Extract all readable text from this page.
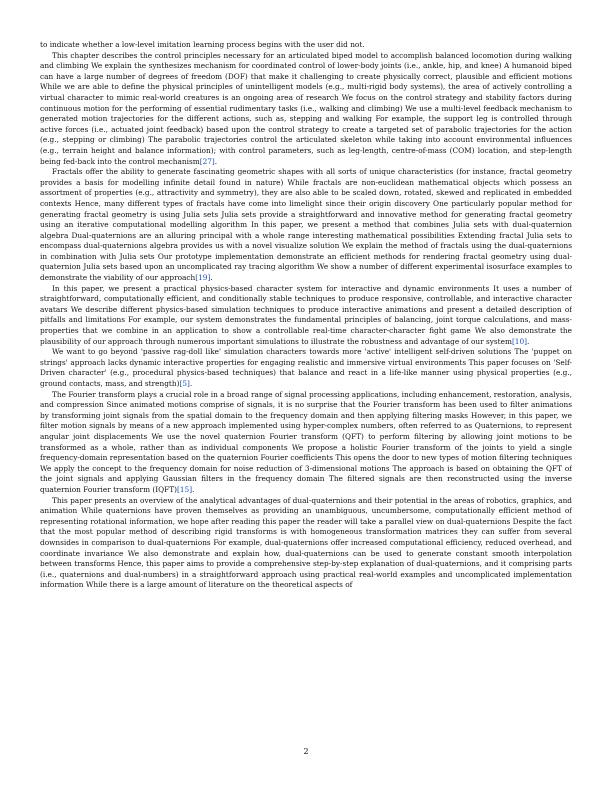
to indicate whether a low-level imitation learning process begins with the user did not.

This chapter describes the control principles necessary for an articulated biped model to accomplish balanced locomotion during walking and climbing We explain the synthesizes mechanism for coordinated control of lower-body joints (i.e., ankle, hip, and knee) A humanoid biped can have a large number of degrees of freedom (DOF) that make it challenging to create physically correct, plausible and efficient motions While we are able to define the physical principles of unintelligent models (e.g., multi-rigid body systems), the area of actively controlling a virtual character to mimic real-world creatures is an ongoing area of research We focus on the control strategy and stability factors during continuous motion for the performing of essential rudimentary tasks (i.e., walking and climbing) We use a multi-level feedback mechanism to generated motion trajectories for the different actions, such as, stepping and walking For example, the support leg is controlled through active forces (i.e., actuated joint feedback) based upon the control strategy to create a targeted set of parabolic trajectories for the action (e.g., stepping or climbing) The parabolic trajectories control the articulated skeleton while taking into account environmental influences (e.g., terrain height and balance information); with control parameters, such as leg-length, centre-of-mass (COM) location, and step-length being fed-back into the control mechanism[27].

Fractals offer the ability to generate fascinating geometric shapes with all sorts of unique characteristics (for instance, fractal geometry provides a basis for modelling infinite detail found in nature) While fractals are non-euclidean mathematical objects which possess an assortment of properties (e.g., attractivity and symmetry), they are also able to be scaled down, rotated, skewed and replicated in embedded contexts Hence, many different types of fractals have come into limelight since their origin discovery One particularly popular method for generating fractal geometry is using Julia sets Julia sets provide a straightforward and innovative method for generating fractal geometry using an iterative computational modelling algorithm In this paper, we present a method that combines Julia sets with dual-quaternion algebra Dual-quaternions are an alluring principal with a whole range interesting mathematical possibilities Extending fractal Julia sets to encompass dual-quaternions algebra provides us with a novel visualize solution We explain the method of fractals using the dual-quaternions in combination with Julia sets Our prototype implementation demonstrate an efficient methods for rendering fractal geometry using dual-quaternion Julia sets based upon an uncomplicated ray tracing algorithm We show a number of different experimental isosurface examples to demonstrate the viability of our approach[19].

In this paper, we present a practical physics-based character system for interactive and dynamic environments It uses a number of straightforward, computationally efficient, and conditionally stable techniques to produce responsive, controllable, and interactive character avatars We describe different physics-based simulation techniques to produce interactive animations and present a detailed description of pitfalls and limitations For example, our system demonstrates the fundamental principles of balancing, joint torque calculations, and mass-properties that we combine in an application to show a controllable real-time character-character fight game We also demonstrate the plausibility of our approach through numerous important simulations to illustrate the robustness and advantage of our system[10].

We want to go beyond 'passive rag-doll like' simulation characters towards more 'active' intelligent self-driven solutions The 'puppet on strings' approach lacks dynamic interactive properties for engaging realistic and immersive virtual environments This paper focuses on 'Self-Driven character' (e.g., procedural physics-based techniques) that balance and react in a life-like manner using physical properties (e.g., ground contacts, mass, and strength)[5].

The Fourier transform plays a crucial role in a broad range of signal processing applications, including enhancement, restoration, analysis, and compression Since animated motions comprise of signals, it is no surprise that the Fourier transform has been used to filter animations by transforming joint signals from the spatial domain to the frequency domain and then applying filtering masks However, in this paper, we filter motion signals by means of a new approach implemented using hyper-complex numbers, often referred to as Quaternions, to represent angular joint displacements We use the novel quaternion Fourier transform (QFT) to perform filtering by allowing joint motions to be transformed as a whole, rather than as individual components We propose a holistic Fourier transform of the joints to yield a single frequency-domain representation based on the quaternion Fourier coefficients This opens the door to new types of motion filtering techniques We apply the concept to the frequency domain for noise reduction of 3-dimensional motions The approach is based on obtaining the QFT of the joint signals and applying Gaussian filters in the frequency domain The filtered signals are then reconstructed using the inverse quaternion Fourier transform (IQFT)[15].

This paper presents an overview of the analytical advantages of dual-quaternions and their potential in the areas of robotics, graphics, and animation While quaternions have proven themselves as providing an unambiguous, uncumbersome, computationally efficient method of representing rotational information, we hope after reading this paper the reader will take a parallel view on dual-quaternions Despite the fact that the most popular method of describing rigid transforms is with homogeneous transformation matrices they can suffer from several downsides in comparison to dual-quaternions For example, dual-quaternions offer increased computational efficiency, reduced overhead, and coordinate invariance We also demonstrate and explain how, dual-quaternions can be used to generate constant smooth interpolation between transforms Hence, this paper aims to provide a comprehensive step-by-step explanation of dual-quaternions, and it comprising parts (i.e., quaternions and dual-numbers) in a straightforward approach using practical real-world examples and uncomplicated implementation information While there is a large amount of literature on the theoretical aspects of

2
